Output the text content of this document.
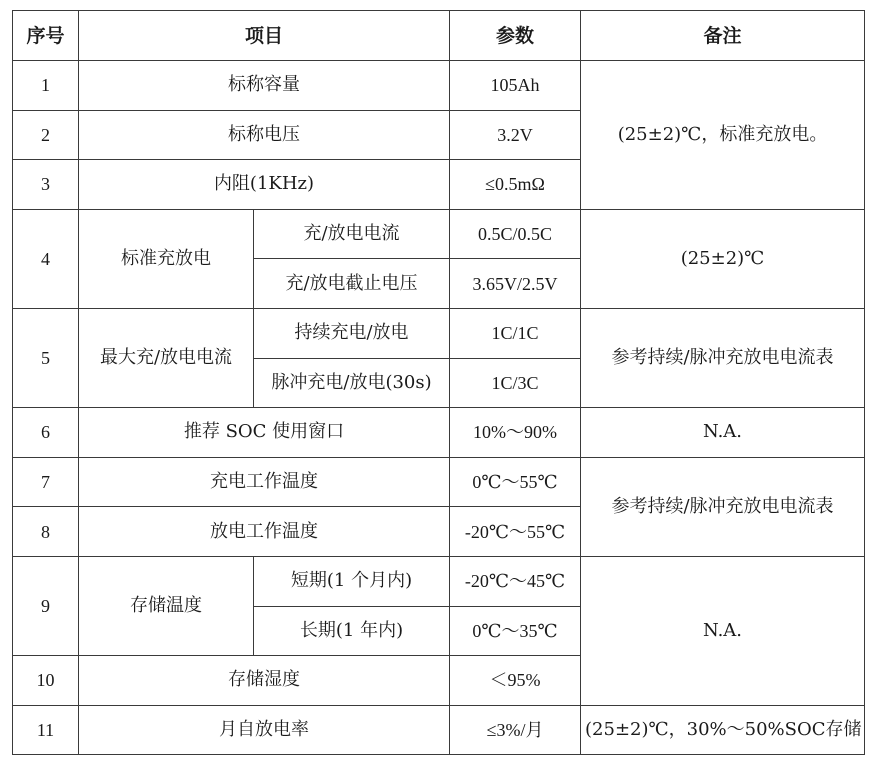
序号	项目		参数	备注
1	标称容量		105Ah	(25±2)℃，标准充放电。
2	标称电压		3.2V	
3	内阻(1KHz)		≤0.5mΩ	
4	标准充放电	充/放电电流	0.5C/0.5C	(25±2)℃
		充/放电截止电压	3.65V/2.5V	
5	最大充/放电电流	持续充电/放电	1C/1C	参考持续/脉冲充放电电流表
		脉冲充电/放电(30s)	1C/3C	
6	推荐 SOC 使用窗口		10%～90%	N.A.
7	充电工作温度		0℃～55℃	参考持续/脉冲充放电电流表
8	放电工作温度		-20℃～55℃	
9	存储温度	短期(1 个月内)	-20℃～45℃	N.A.
		长期(1 年内)	0℃～35℃	
10	存储湿度		＜95%	
11	月自放电率		≤3%/月	(25±2)℃，30%～50%SOC存储
